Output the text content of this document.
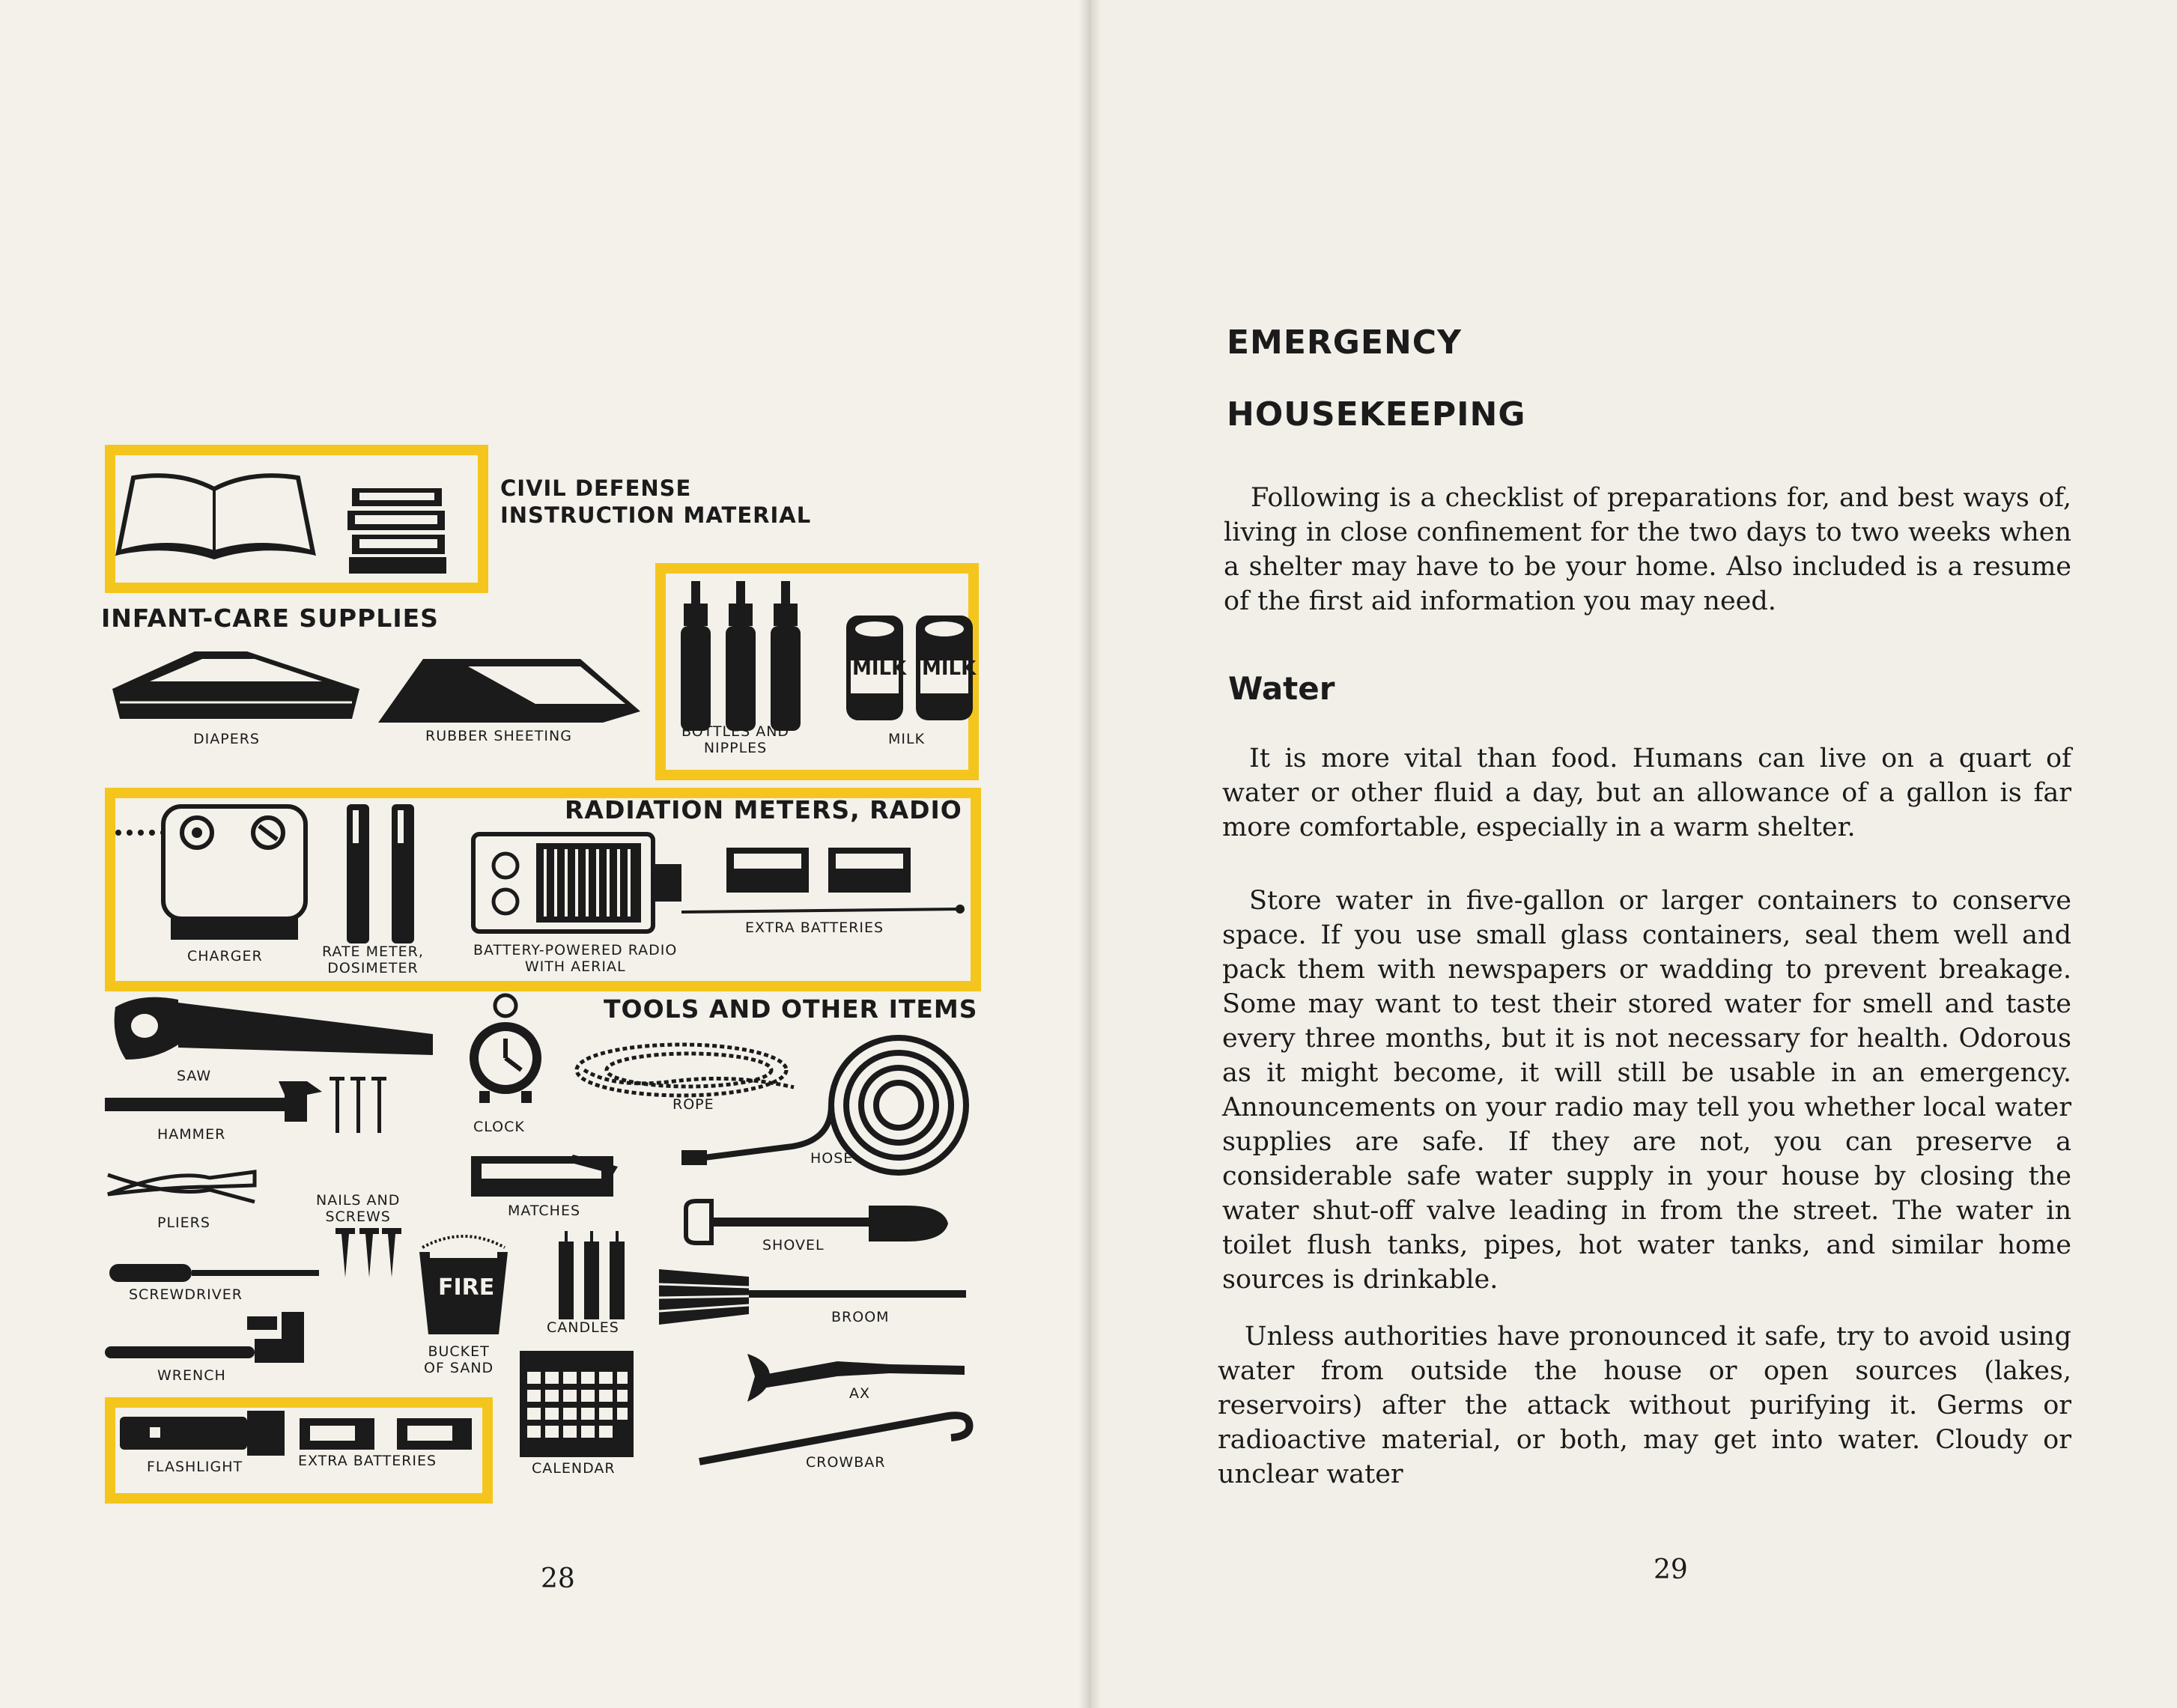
CIVIL DEFENSE
INSTRUCTION MATERIAL
INFANT-CARE SUPPLIES
RADIATION METERS, RADIO
TOOLS AND OTHER ITEMS
DIAPERS	RUBBER SHEETING	BOTTLES AND
NIPPLES
MILK MILK
MILK
CHARGER	RATE METER,
DOSIMETER
BATTERY-POWERED RADIO
WITH AERIAL
EXTRA BATTERIES
SAW
HAMMER
PLIERS
NAILS AND
SCREWS
SCREWDRIVER
WRENCH
CLOCK
MATCHES
FIRE
BUCKET
OF SAND
CANDLES
CALENDAR
ROPE
HOSE
SHOVEL
BROOM
AX
CROWBAR
FLASHLIGHT	EXTRA BATTERIES
28
EMERGENCY
HOUSEKEEPING
Following is a checklist of preparations for, and best ways of, living in close confinement for the two days to two weeks when a shelter may have to be your home. Also included is a resume of the first aid information you may need.
Water
It is more vital than food. Humans can live on a quart of water or other fluid a day, but an allowance of a gallon is far more comfortable, especially in a warm shelter.
Store water in five-gallon or larger containers to conserve space. If you use small glass containers, seal them well and pack them with newspapers or wadding to prevent breakage. Some may want to test their stored water for smell and taste every three months, but it is not necessary for health. Odorous as it might become, it will still be usable in an emergency. Announcements on your radio may tell you whether local water supplies are safe. If they are not, you can preserve a considerable safe water supply in your house by closing the water shut-off valve leading in from the street. The water in toilet flush tanks, pipes, hot water tanks, and similar home sources is drinkable.
Unless authorities have pronounced it safe, try to avoid using water from outside the house or open sources (lakes, reservoirs) after the attack without purifying it. Germs or radioactive material, or both, may get into water. Cloudy or unclear water
29
